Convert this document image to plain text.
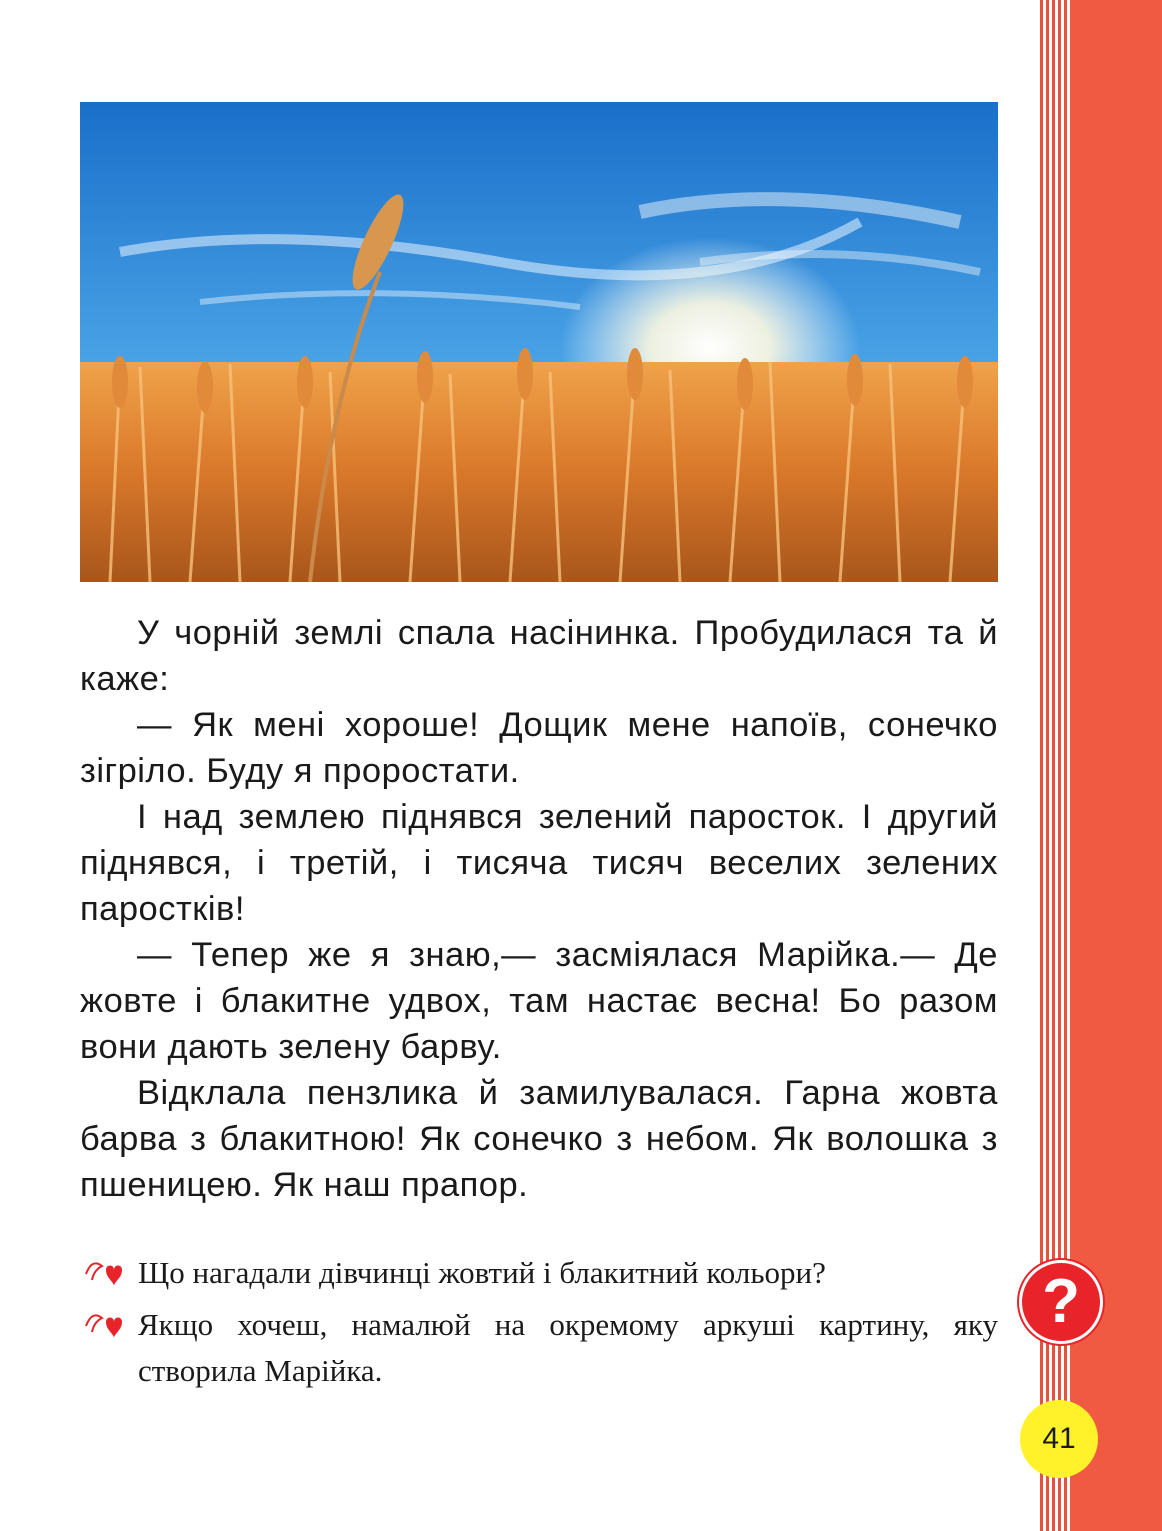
У чорній землі спала насінинка. Пробудилася та й каже:

— Як мені хороше! Дощик мене напоїв, сонечко зігріло. Буду я проростати.

І над землею піднявся зелений паросток. І другий піднявся, і третій, і тисяча тисяч веселих зелених паростків!

— Тепер же я знаю,— засміялася Марійка.— Де жовте і блакитне удвох, там настає весна! Бо разом вони дають зелену барву.

Відклала пензлика й замилувалася. Гарна жовта барва з блакитною! Як сонечко з небом. Як волошка з пшеницею. Як наш прапор.

Що нагадали дівчинці жовтий і блакитний кольори?
Якщо хочеш, намалюй на окремому аркуші картину, яку створила Марійка.
?
41
